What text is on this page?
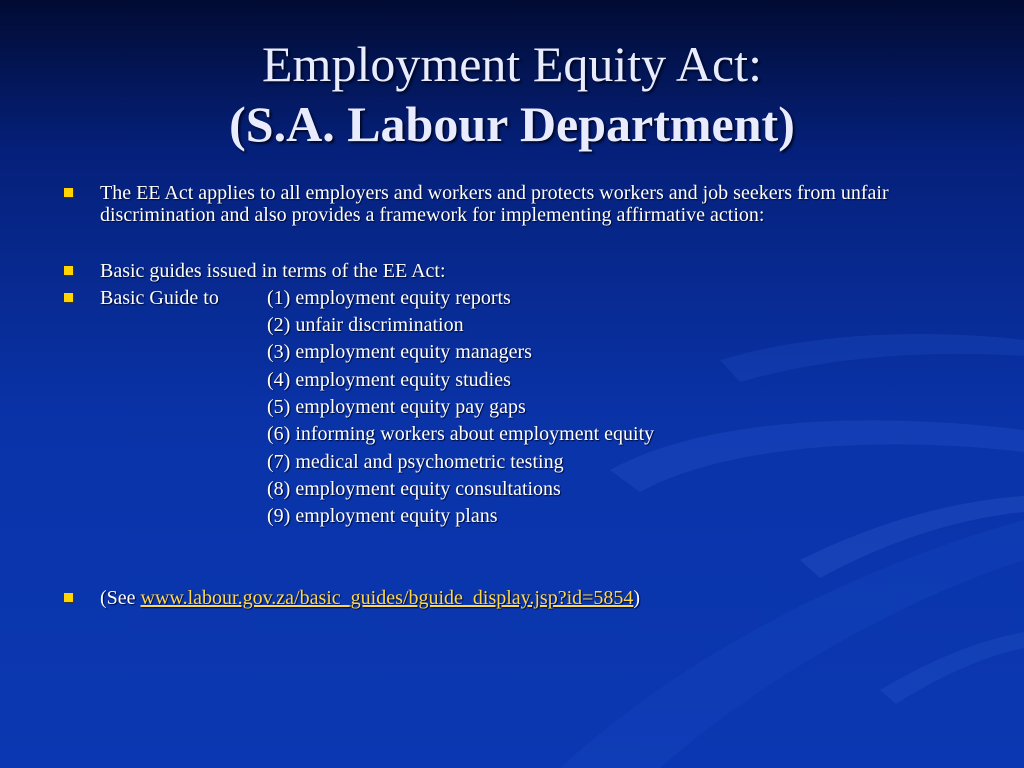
Employment Equity Act:
(S.A. Labour Department)
The EE Act applies to all employers and workers and protects workers and job seekers from unfair discrimination and also provides a framework for implementing affirmative action:
Basic guides issued in terms of the EE Act:
Basic Guide to (1) employment equity reports
(2) unfair discrimination
(3) employment equity managers
(4) employment equity studies
(5) employment equity pay gaps
(6) informing workers about employment equity
(7) medical and psychometric testing
(8) employment equity consultations
(9) employment equity plans
(See www.labour.gov.za/basic_guides/bguide_display.jsp?id=5854)
